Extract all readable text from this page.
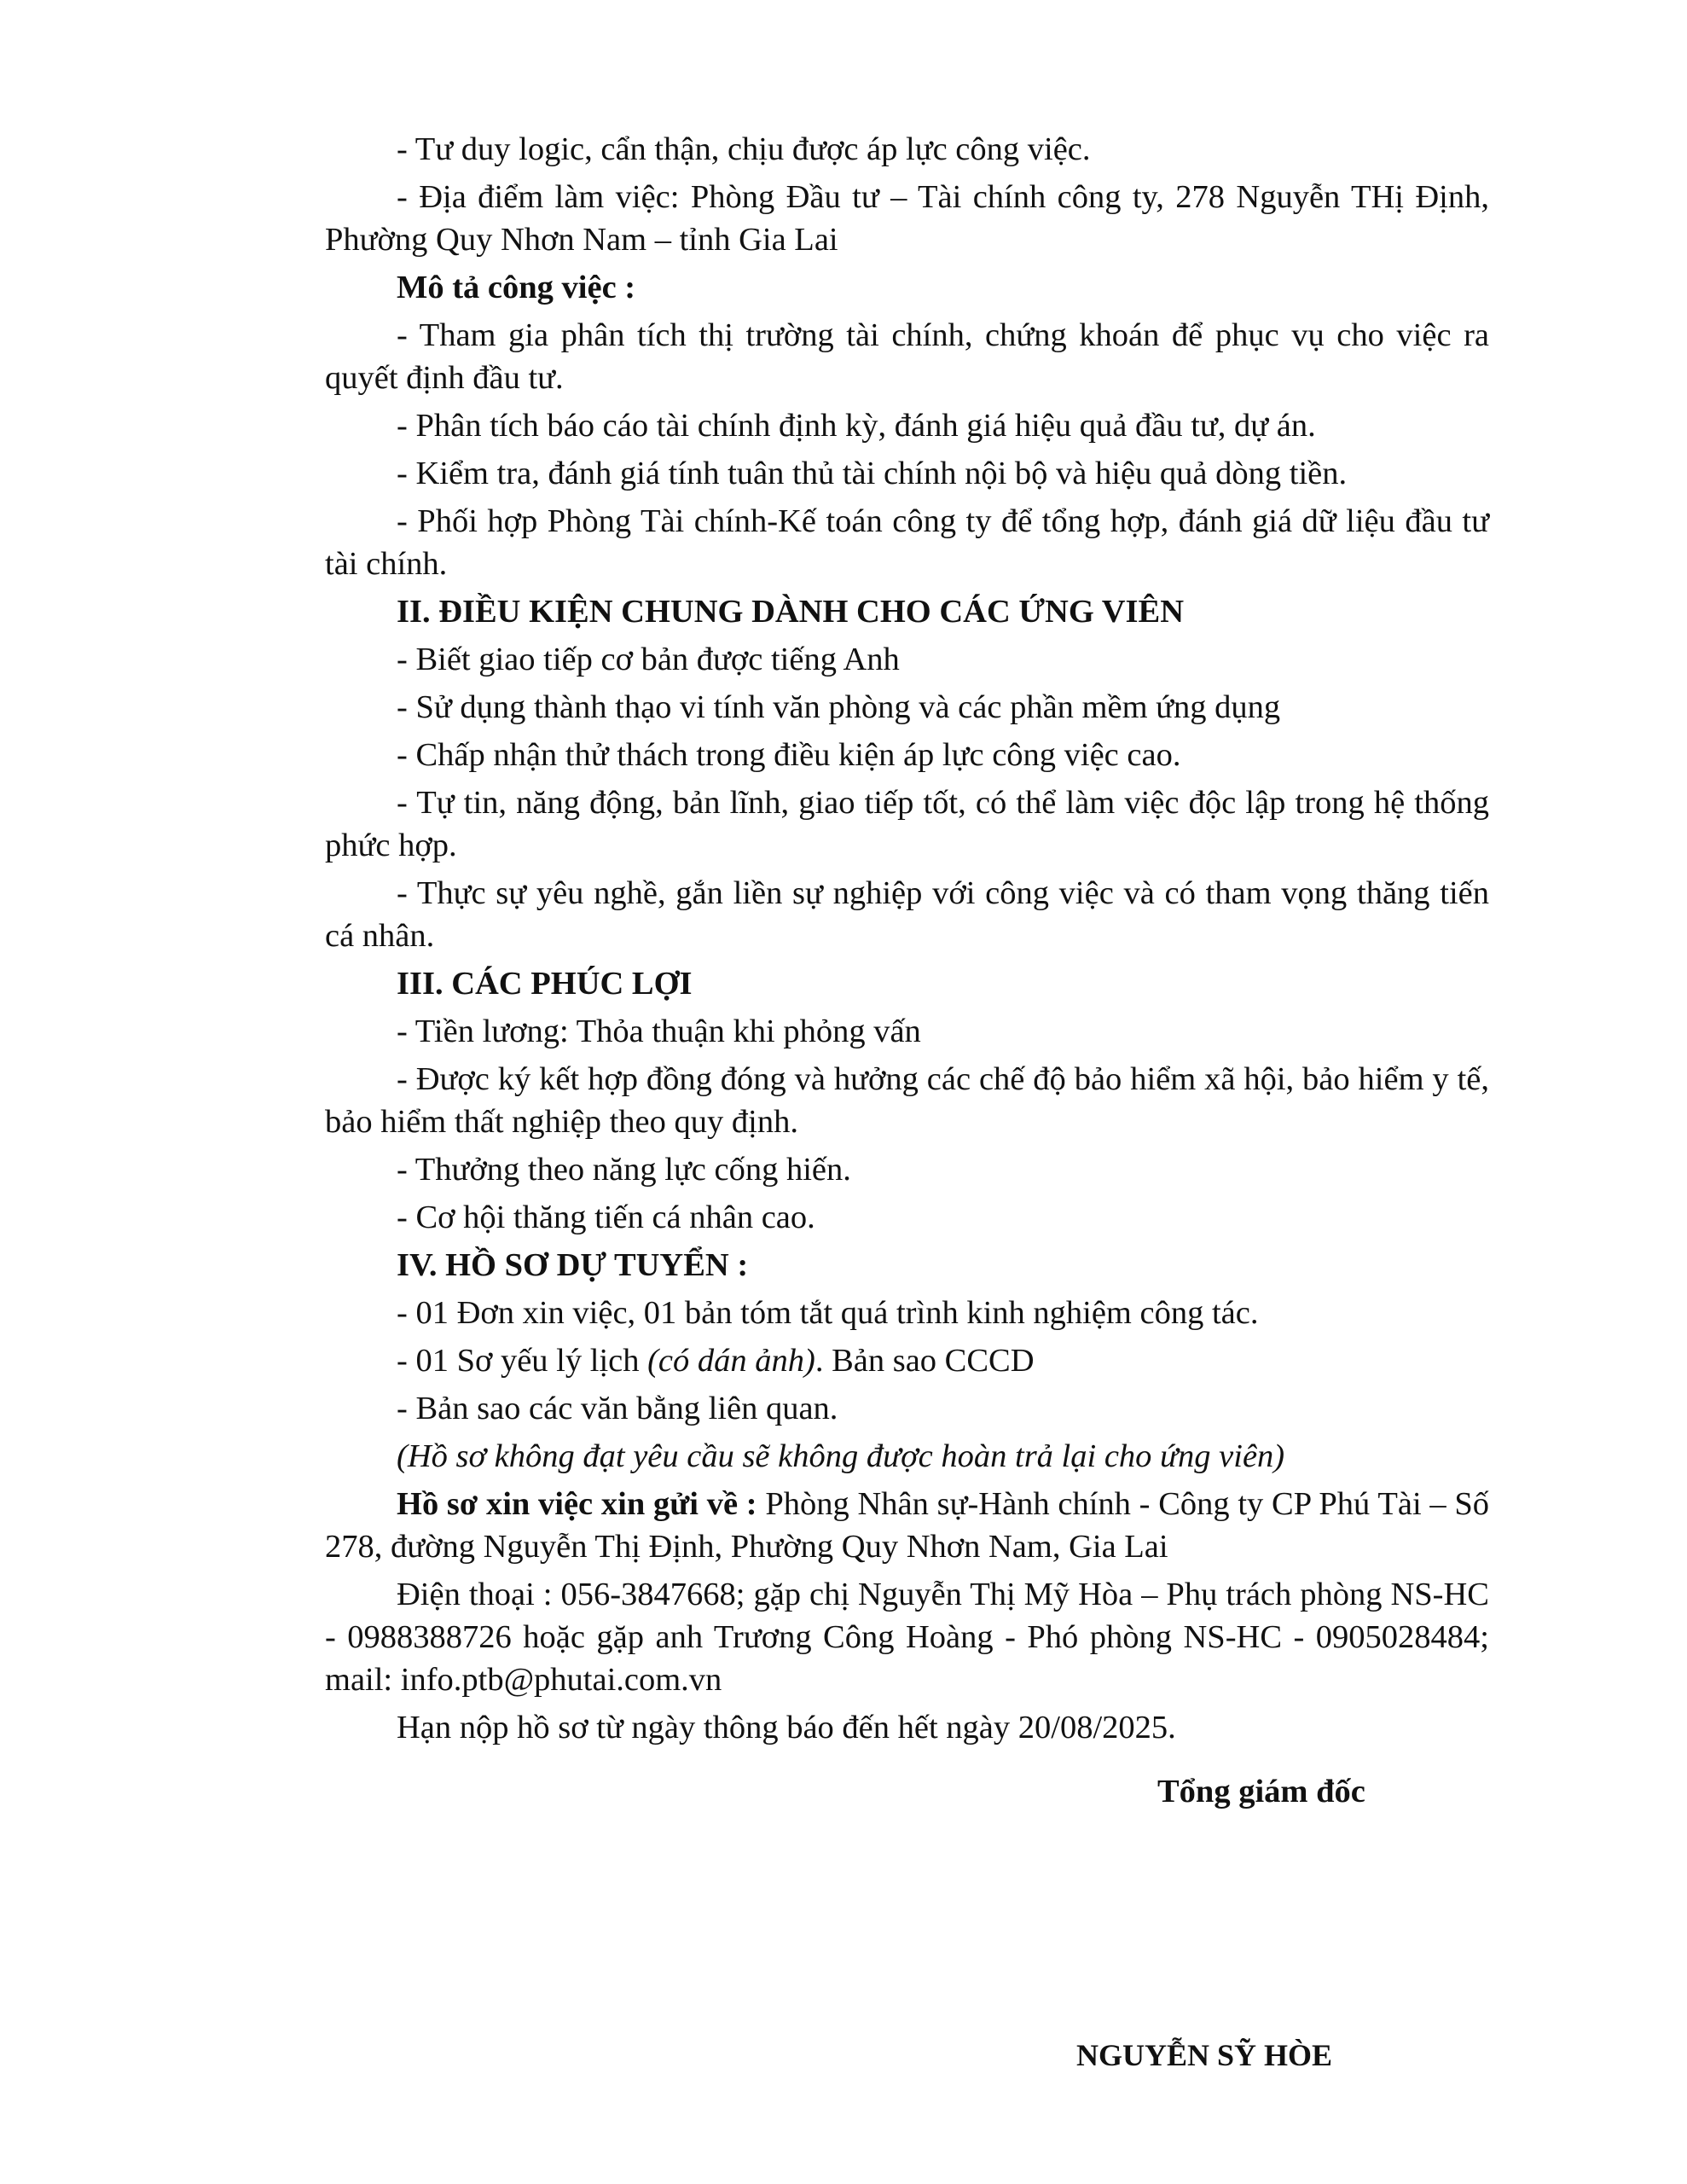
- Tư duy logic, cẩn thận, chịu được áp lực công việc.

- Địa điểm làm việc: Phòng Đầu tư – Tài chính công ty, 278 Nguyễn THị Định, Phường Quy Nhơn Nam – tỉnh Gia Lai

Mô tả công việc :

- Tham gia phân tích thị trường tài chính, chứng khoán để phục vụ cho việc ra quyết định đầu tư.

- Phân tích báo cáo tài chính định kỳ, đánh giá hiệu quả đầu tư, dự án.

- Kiểm tra, đánh giá tính tuân thủ tài chính nội bộ và hiệu quả dòng tiền.

- Phối hợp Phòng Tài chính-Kế toán công ty để tổng hợp, đánh giá dữ liệu đầu tư tài chính.

II. ĐIỀU KIỆN CHUNG DÀNH CHO CÁC ỨNG VIÊN

- Biết giao tiếp cơ bản được tiếng Anh

- Sử dụng thành thạo vi tính văn phòng và các phần mềm ứng dụng

- Chấp nhận thử thách trong điều kiện áp lực công việc cao.

- Tự tin, năng động, bản lĩnh, giao tiếp tốt, có thể làm việc độc lập trong hệ thống phức hợp.

- Thực sự yêu nghề, gắn liền sự nghiệp với công việc và có tham vọng thăng tiến cá nhân.

III. CÁC PHÚC LỢI

- Tiền lương: Thỏa thuận khi phỏng vấn

- Được ký kết hợp đồng đóng và hưởng các chế độ bảo hiểm xã hội, bảo hiểm y tế, bảo hiểm thất nghiệp theo quy định.

- Thưởng theo năng lực cống hiến.

- Cơ hội thăng tiến cá nhân cao.

IV. HỒ SƠ DỰ TUYỂN :

- 01 Đơn xin việc, 01 bản tóm tắt quá trình kinh nghiệm công tác.

- 01 Sơ yếu lý lịch (có dán ảnh). Bản sao CCCD

- Bản sao các văn bằng liên quan.

(Hồ sơ không đạt yêu cầu sẽ không được hoàn trả lại cho ứng viên)

Hồ sơ xin việc xin gửi về : Phòng Nhân sự-Hành chính - Công ty CP Phú Tài – Số 278, đường Nguyễn Thị Định, Phường Quy Nhơn Nam, Gia Lai

Điện thoại : 056-3847668; gặp chị Nguyễn Thị Mỹ Hòa – Phụ trách phòng NS-HC - 0988388726 hoặc gặp anh Trương Công Hoàng - Phó phòng NS-HC - 0905028484; mail: info.ptb@phutai.com.vn

Hạn nộp hồ sơ từ ngày thông báo đến hết ngày 20/08/2025.

Tổng giám đốc
NGUYỄN SỸ HÒE
